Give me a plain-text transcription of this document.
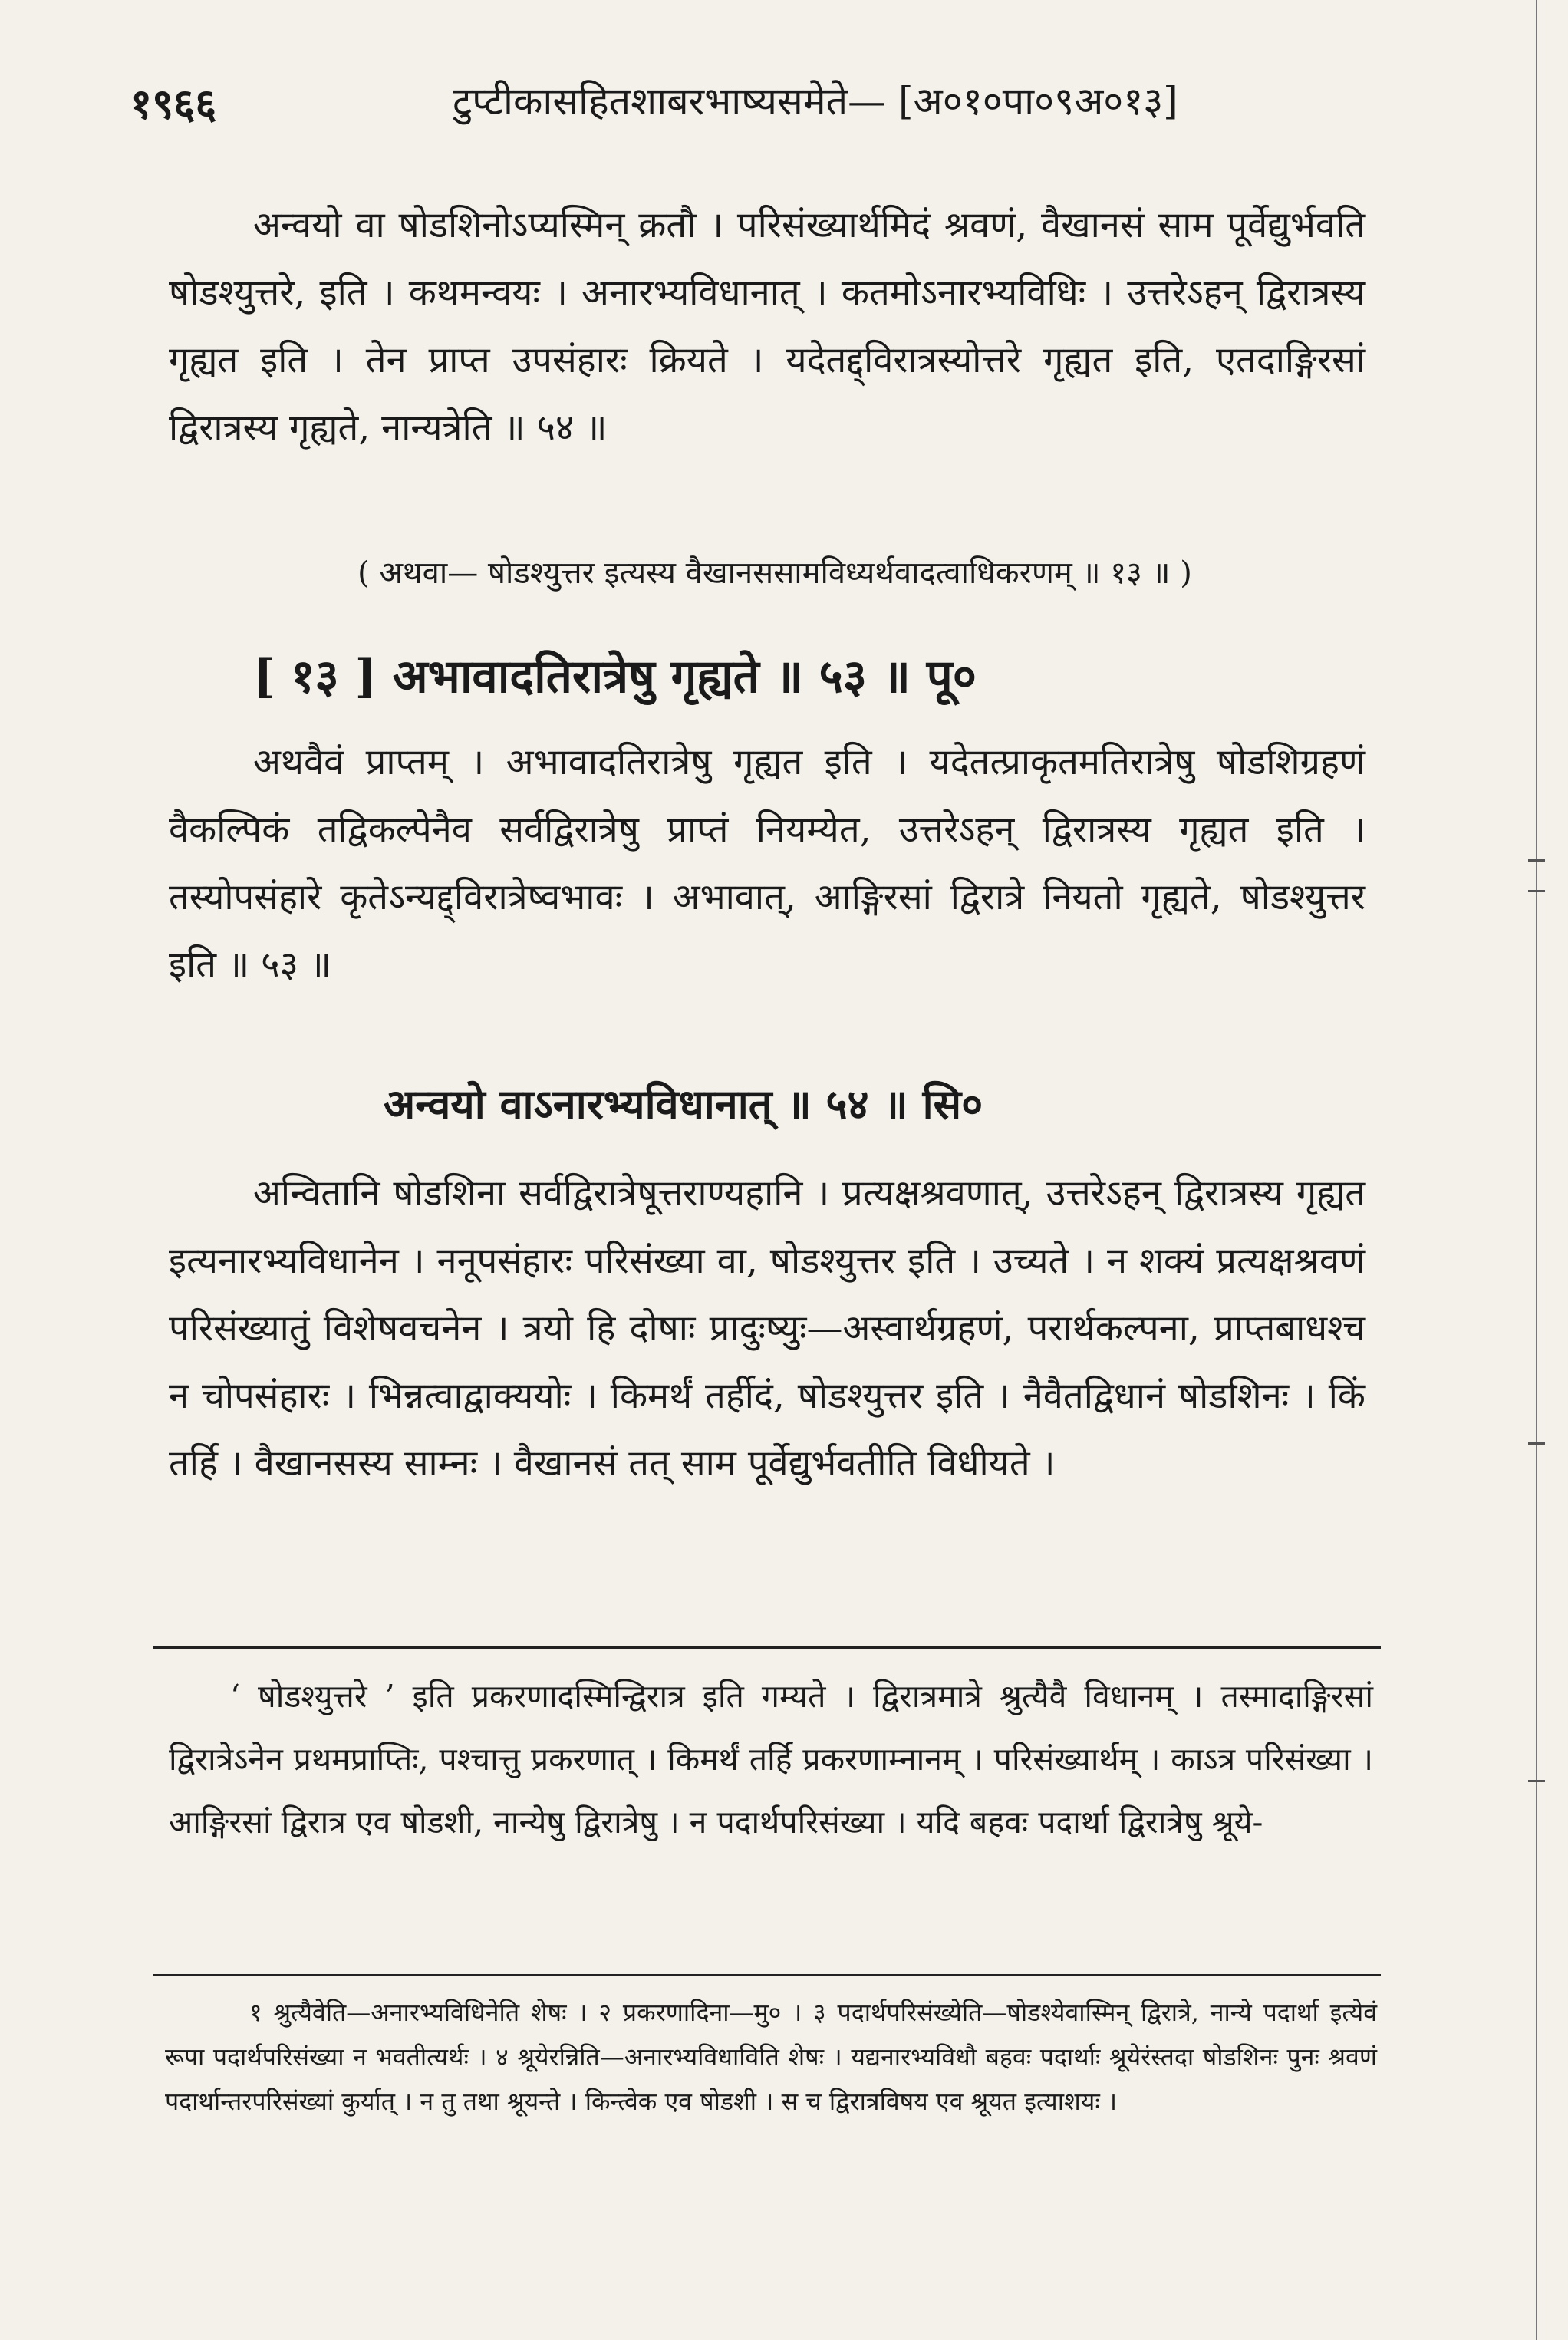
१९६६	टुप्टीकासहितशाबरभाष्यसमेते— [अ०१०पा०९अ०१३]

अन्वयो वा षोडशिनोऽप्यस्मिन् क्रतौ । परिसंख्यार्थमिदं श्रवणं, वैखानसं साम पूर्वेद्युर्भवति षोडश्युत्तरे, इति । कथमन्वयः । अनारभ्यविधानात् । कतमोऽनारभ्यविधिः । उत्तरेऽहन् द्विरात्रस्य गृह्यत इति । तेन प्राप्त उपसंहारः क्रियते । यदेतद्द्विरात्रस्योत्तरे गृह्यत इति, एतदाङ्गिरसां द्विरात्रस्य गृह्यते, नान्यत्रेति ॥ ५४ ॥

( अथवा— षोडश्युत्तर इत्यस्य वैखानससामविध्यर्थवादत्वाधिकरणम् ॥ १३ ॥ )
[ १३ ] अभावादतिरात्रेषु गृह्यते ॥ ५३ ॥ पू०

अथवैवं प्राप्तम् । अभावादतिरात्रेषु गृह्यत इति । यदेतत्प्राकृतमतिरात्रेषु षोडशिग्रहणं वैकल्पिकं तद्विकल्पेनैव सर्वद्विरात्रेषु प्राप्तं नियम्येत, उत्तरेऽहन् द्विरात्रस्य गृह्यत इति । तस्योपसंहारे कृतेऽन्यद्द्विरात्रेष्वभावः । अभावात्, आङ्गिरसां द्विरात्रे नियतो गृह्यते, षोडश्युत्तर इति ॥ ५३ ॥

अन्वयो वाऽनारभ्यविधानात् ॥ ५४ ॥ सि०

अन्वितानि षोडशिना सर्वद्विरात्रेषूत्तराण्यहानि । प्रत्यक्षश्रवणात्, उत्तरेऽहन् द्विरात्रस्य गृह्यत इत्यनारभ्यविधानेन । ननूपसंहारः परिसंख्या वा, षोडश्युत्तर इति । उच्यते । न शक्यं प्रत्यक्षश्रवणं परिसंख्यातुं विशेषवचनेन । त्रयो हि दोषाः प्रादुःष्युः—अस्वार्थग्रहणं, परार्थकल्पना, प्राप्तबाधश्च न चोपसंहारः । भिन्नत्वाद्वाक्ययोः । किमर्थं तर्हीदं, षोडश्युत्तर इति । नैवैतद्विधानं षोडशिनः । किं तर्हि । वैखानसस्य साम्नः । वैखानसं तत् साम पूर्वेद्युर्भवतीति विधीयते ।

‘ षोडश्युत्तरे ’ इति प्रकरणादस्मिन्द्विरात्र इति गम्यते । द्विरात्रमात्रे श्रुत्यैवै विधानम् । तस्मादाङ्गिरसां द्विरात्रेऽनेन प्रथमप्राप्तिः, पश्चात्तु प्रकरणात् । किमर्थं तर्हि प्रकरणाम्नानम् । परिसंख्यार्थम् । काऽत्र परिसंख्या । आङ्गिरसां द्विरात्र एव षोडशी, नान्येषु द्विरात्रेषु । न पदार्थपरिसंख्या । यदि बहवः पदार्था द्विरात्रेषु श्रूये-

१ श्रुत्यैवेति—अनारभ्यविधिनेति शेषः । २ प्रकरणादिना—मु० । ३ पदार्थपरिसंख्येति—षोडश्येवास्मिन् द्विरात्रे, नान्ये पदार्था इत्येवं रूपा पदार्थपरिसंख्या न भवतीत्यर्थः । ४ श्रूयेरन्निति—अनारभ्यविधाविति शेषः । यद्यनारभ्यविधौ बहवः पदार्थाः श्रूयेरंस्तदा षोडशिनः पुनः श्रवणं पदार्थान्तरपरिसंख्यां कुर्यात् । न तु तथा श्रूयन्ते । किन्त्वेक एव षोडशी । स च द्विरात्रविषय एव श्रूयत इत्याशयः ।
